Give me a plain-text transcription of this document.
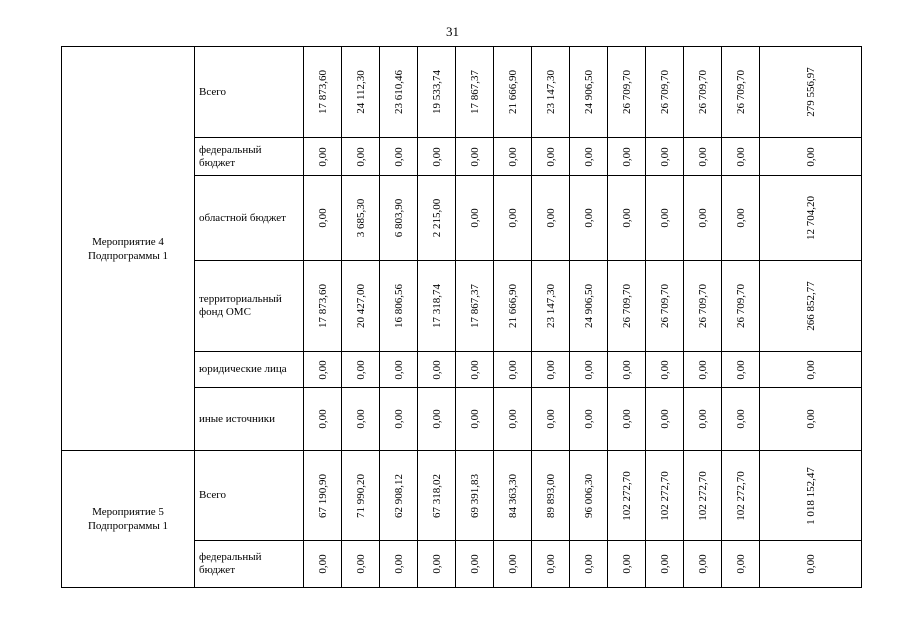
31
Мероприятие 4 Подпрограммы 1	Всего	17 873,60	24 112,30	23 610,46	19 533,74	17 867,37	21 666,90	23 147,30	24 906,50	26 709,70	26 709,70	26 709,70	26 709,70	279 556,97

	федеральный бюджет	0,00	0,00	0,00	0,00	0,00	0,00	0,00	0,00	0,00	0,00	0,00	0,00	0,00

	областной бюджет	0,00	3 685,30	6 803,90	2 215,00	0,00	0,00	0,00	0,00	0,00	0,00	0,00	0,00	12 704,20

	территориальный фонд ОМС	17 873,60	20 427,00	16 806,56	17 318,74	17 867,37	21 666,90	23 147,30	24 906,50	26 709,70	26 709,70	26 709,70	26 709,70	266 852,77

	юридические лица	0,00	0,00	0,00	0,00	0,00	0,00	0,00	0,00	0,00	0,00	0,00	0,00	0,00

	иные источники	0,00	0,00	0,00	0,00	0,00	0,00	0,00	0,00	0,00	0,00	0,00	0,00	0,00

Мероприятие 5 Подпрограммы 1	Всего	67 190,90	71 990,20	62 908,12	67 318,02	69 391,83	84 363,30	89 893,00	96 006,30	102 272,70	102 272,70	102 272,70	102 272,70	1 018 152,47

	федеральный бюджет	0,00	0,00	0,00	0,00	0,00	0,00	0,00	0,00	0,00	0,00	0,00	0,00	0,00
